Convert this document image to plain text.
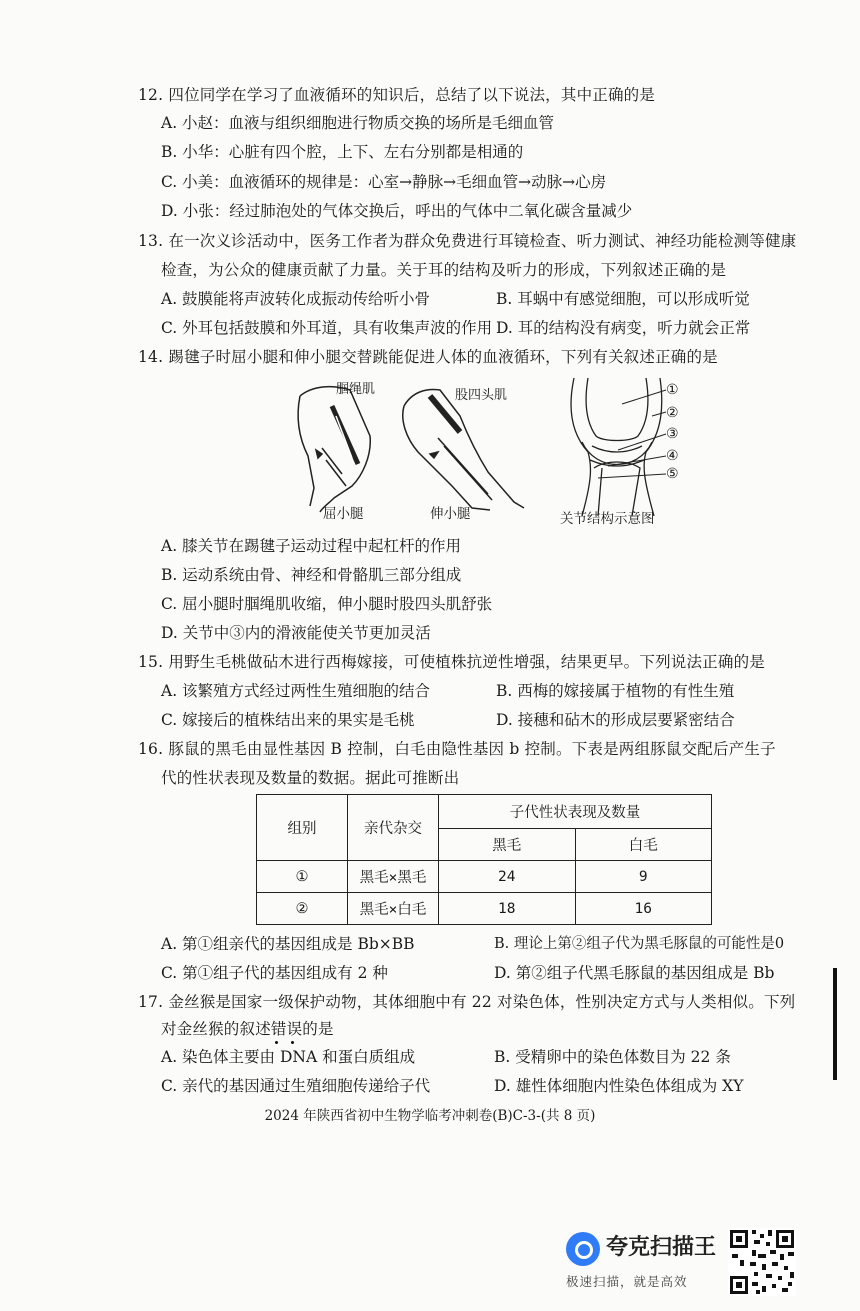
12. 四位同学在学习了血液循环的知识后，总结了以下说法，其中正确的是
A. 小赵：血液与组织细胞进行物质交换的场所是毛细血管
B. 小华：心脏有四个腔，上下、左右分别都是相通的
C. 小美：血液循环的规律是：心室→静脉→毛细血管→动脉→心房
D. 小张：经过肺泡处的气体交换后，呼出的气体中二氧化碳含量减少
13. 在一次义诊活动中，医务工作者为群众免费进行耳镜检查、听力测试、神经功能检测等健康
检查，为公众的健康贡献了力量。关于耳的结构及听力的形成，下列叙述正确的是
A. 鼓膜能将声波转化成振动传给听小骨	B. 耳蜗中有感觉细胞，可以形成听觉
C. 外耳包括鼓膜和外耳道，具有收集声波的作用 D. 耳的结构没有病变，听力就会正常
14. 踢毽子时屈小腿和伸小腿交替跳能促进人体的血液循环，下列有关叙述正确的是
腘绳肌	股四头肌	①
②
③
④
⑤
屈小腿	伸小腿	关节结构示意图
A. 膝关节在踢毽子运动过程中起杠杆的作用
B. 运动系统由骨、神经和骨骼肌三部分组成
C. 屈小腿时腘绳肌收缩，伸小腿时股四头肌舒张
D. 关节中③内的滑液能使关节更加灵活
15. 用野生毛桃做砧木进行西梅嫁接，可使植株抗逆性增强，结果更早。下列说法正确的是
A. 该繁殖方式经过两性生殖细胞的结合	B. 西梅的嫁接属于植物的有性生殖
C. 嫁接后的植株结出来的果实是毛桃	D. 接穗和砧木的形成层要紧密结合
16. 豚鼠的黑毛由显性基因 B 控制，白毛由隐性基因 b 控制。下表是两组豚鼠交配后产生子
代的性状表现及数量的数据。据此可推断出
组别	亲代杂交	子代性状表现及数量	
		黑毛	白毛
①	黑毛×黑毛	24	9
②	黑毛×白毛	18	16
A. 第①组亲代的基因组成是 Bb×BB	B. 理论上第②组子代为黑毛豚鼠的可能性是0
C. 第①组子代的基因组成有 2 种	D. 第②组子代黑毛豚鼠的基因组成是 Bb
17. 金丝猴是国家一级保护动物，其体细胞中有 22 对染色体，性别决定方式与人类相似。下列
对金丝猴的叙述错误的是
A. 染色体主要由 DNA 和蛋白质组成	B. 受精卵中的染色体数目为 22 条
C. 亲代的基因通过生殖细胞传递给子代	D. 雄性体细胞内性染色体组成为 XY
2024 年陕西省初中生物学临考冲刺卷(B)C-3-(共 8 页)
夸克扫描王
极速扫描，就是高效
